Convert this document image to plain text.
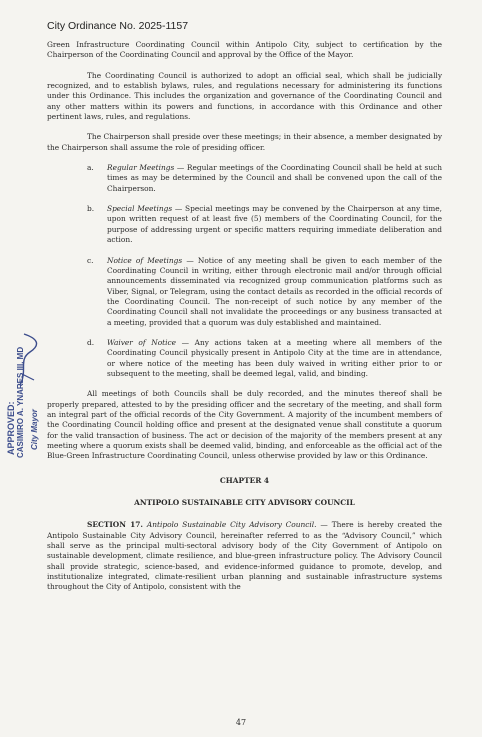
City Ordinance No. 2025-1157
APPROVED: CASIMIRO A. YNARES III, MD City Mayor

Green Infrastructure Coordinating Council within Antipolo City, subject to certification by the Chairperson of the Coordinating Council and approval by the Office of the Mayor.

The Coordinating Council is authorized to adopt an official seal, which shall be judicially recognized, and to establish bylaws, rules, and regulations necessary for administering its functions under this Ordinance. This includes the organization and governance of the Coordinating Council and any other matters within its powers and functions, in accordance with this Ordinance and other pertinent laws, rules, and regulations.

The Chairperson shall preside over these meetings; in their absence, a member designated by the Chairperson shall assume the role of presiding officer.

a. Regular Meetings — Regular meetings of the Coordinating Council shall be held at such times as may be determined by the Council and shall be convened upon the call of the Chairperson.
b. Special Meetings — Special meetings may be convened by the Chairperson at any time, upon written request of at least five (5) members of the Coordinating Council, for the purpose of addressing urgent or specific matters requiring immediate deliberation and action.
c. Notice of Meetings — Notice of any meeting shall be given to each member of the Coordinating Council in writing, either through electronic mail and/or through official announcements disseminated via recognized group communication platforms such as Viber, Signal, or Telegram, using the contact details as recorded in the official records of the Coordinating Council. The non-receipt of such notice by any member of the Coordinating Council shall not invalidate the proceedings or any business transacted at a meeting, provided that a quorum was duly established and maintained.
d. Waiver of Notice — Any actions taken at a meeting where all members of the Coordinating Council physically present in Antipolo City at the time are in attendance, or where notice of the meeting has been duly waived in writing either prior to or subsequent to the meeting, shall be deemed legal, valid, and binding.

All meetings of both Councils shall be duly recorded, and the minutes thereof shall be properly prepared, attested to by the presiding officer and the secretary of the meeting, and shall form an integral part of the official records of the City Government. A majority of the incumbent members of the Coordinating Council holding office and present at the designated venue shall constitute a quorum for the valid transaction of business. The act or decision of the majority of the members present at any meeting where a quorum exists shall be deemed valid, binding, and enforceable as the official act of the Blue-Green Infrastructure Coordinating Council, unless otherwise provided by law or this Ordinance.

CHAPTER 4
ANTIPOLO SUSTAINABLE CITY ADVISORY COUNCIL

SECTION 17. Antipolo Sustainable City Advisory Council. — There is hereby created the Antipolo Sustainable City Advisory Council, hereinafter referred to as the “Advisory Council,” which shall serve as the principal multi-sectoral advisory body of the City Government of Antipolo on sustainable development, climate resilience, and blue-green infrastructure policy. The Advisory Council shall provide strategic, science-based, and evidence-informed guidance to promote, develop, and institutionalize integrated, climate-resilient urban planning and sustainable infrastructure systems throughout the City of Antipolo, consistent with the

47
